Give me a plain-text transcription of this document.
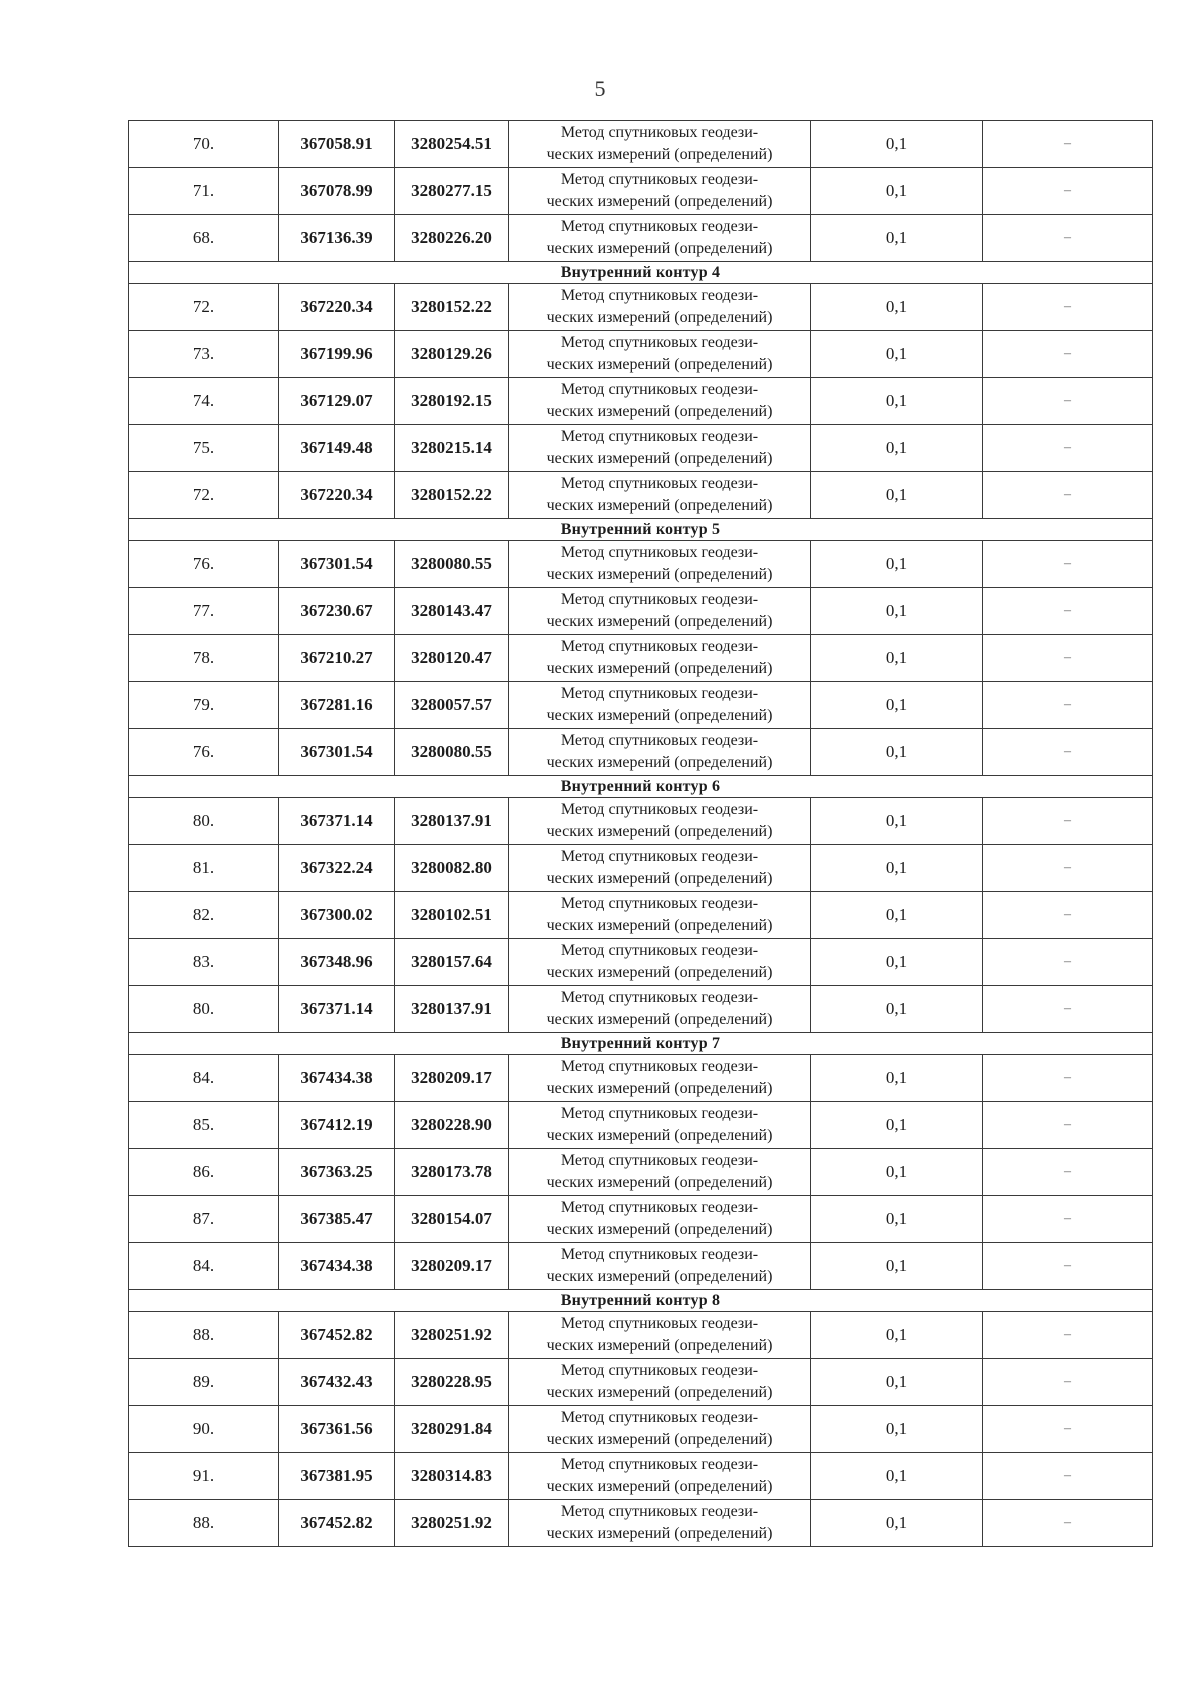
5
70.	367058.91	3280254.51	Метод спутниковых геодези-
ческих измерений (определений)	0,1	–
71.	367078.99	3280277.15	Метод спутниковых геодези-
ческих измерений (определений)	0,1	–
68.	367136.39	3280226.20	Метод спутниковых геодези-
ческих измерений (определений)	0,1	–
Внутренний контур 4					
72.	367220.34	3280152.22	Метод спутниковых геодези-
ческих измерений (определений)	0,1	–
73.	367199.96	3280129.26	Метод спутниковых геодези-
ческих измерений (определений)	0,1	–
74.	367129.07	3280192.15	Метод спутниковых геодези-
ческих измерений (определений)	0,1	–
75.	367149.48	3280215.14	Метод спутниковых геодези-
ческих измерений (определений)	0,1	–
72.	367220.34	3280152.22	Метод спутниковых геодези-
ческих измерений (определений)	0,1	–
Внутренний контур 5					
76.	367301.54	3280080.55	Метод спутниковых геодези-
ческих измерений (определений)	0,1	–
77.	367230.67	3280143.47	Метод спутниковых геодези-
ческих измерений (определений)	0,1	–
78.	367210.27	3280120.47	Метод спутниковых геодези-
ческих измерений (определений)	0,1	–
79.	367281.16	3280057.57	Метод спутниковых геодези-
ческих измерений (определений)	0,1	–
76.	367301.54	3280080.55	Метод спутниковых геодези-
ческих измерений (определений)	0,1	–
Внутренний контур 6					
80.	367371.14	3280137.91	Метод спутниковых геодези-
ческих измерений (определений)	0,1	–
81.	367322.24	3280082.80	Метод спутниковых геодези-
ческих измерений (определений)	0,1	–
82.	367300.02	3280102.51	Метод спутниковых геодези-
ческих измерений (определений)	0,1	–
83.	367348.96	3280157.64	Метод спутниковых геодези-
ческих измерений (определений)	0,1	–
80.	367371.14	3280137.91	Метод спутниковых геодези-
ческих измерений (определений)	0,1	–
Внутренний контур 7					
84.	367434.38	3280209.17	Метод спутниковых геодези-
ческих измерений (определений)	0,1	–
85.	367412.19	3280228.90	Метод спутниковых геодези-
ческих измерений (определений)	0,1	–
86.	367363.25	3280173.78	Метод спутниковых геодези-
ческих измерений (определений)	0,1	–
87.	367385.47	3280154.07	Метод спутниковых геодези-
ческих измерений (определений)	0,1	–
84.	367434.38	3280209.17	Метод спутниковых геодези-
ческих измерений (определений)	0,1	–
Внутренний контур 8					
88.	367452.82	3280251.92	Метод спутниковых геодези-
ческих измерений (определений)	0,1	–
89.	367432.43	3280228.95	Метод спутниковых геодези-
ческих измерений (определений)	0,1	–
90.	367361.56	3280291.84	Метод спутниковых геодези-
ческих измерений (определений)	0,1	–
91.	367381.95	3280314.83	Метод спутниковых геодези-
ческих измерений (определений)	0,1	–
88.	367452.82	3280251.92	Метод спутниковых геодези-
ческих измерений (определений)	0,1	–
